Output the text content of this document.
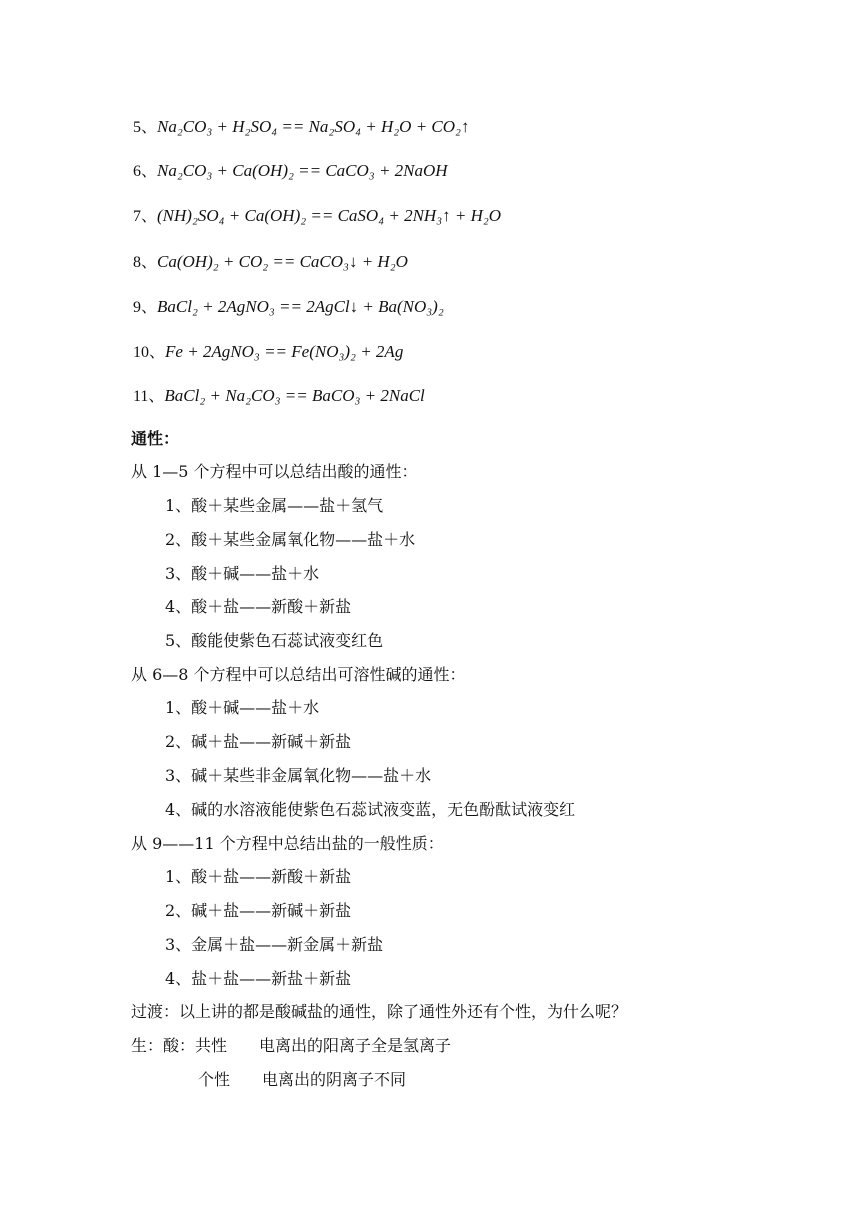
5、Na₂CO₃ + H₂SO₄ == Na₂SO₄ + H₂O + CO₂↑
6、Na₂CO₃ + Ca(OH)₂ == CaCO₃ + 2NaOH
7、(NH)₂SO₄ + Ca(OH)₂ == CaSO₄ + 2NH₃↑ + H₂O
8、Ca(OH)₂ + CO₂ == CaCO₃↓ + H₂O
9、BaCl₂ + 2AgNO₃ == 2AgCl↓ + Ba(NO₃)₂
10、Fe + 2AgNO₃ == Fe(NO₃)₂ + 2Ag
11、BaCl₂ + Na₂CO₃ == BaCO₃ + 2NaCl
通性：
从 1—5 个方程中可以总结出酸的通性：
1、酸＋某些金属——盐＋氢气
2、酸＋某些金属氧化物——盐＋水
3、酸＋碱——盐＋水
4、酸＋盐——新酸＋新盐
5、酸能使紫色石蕊试液变红色
从 6—8 个方程中可以总结出可溶性碱的通性：
1、酸＋碱——盐＋水
2、碱＋盐——新碱＋新盐
3、碱＋某些非金属氧化物——盐＋水
4、碱的水溶液能使紫色石蕊试液变蓝，无色酚酞试液变红
从 9——11 个方程中总结出盐的一般性质：
1、酸＋盐——新酸＋新盐
2、碱＋盐——新碱＋新盐
3、金属＋盐——新金属＋新盐
4、盐＋盐——新盐＋新盐
过渡：以上讲的都是酸碱盐的通性，除了通性外还有个性，为什么呢？
生：酸：共性　　电离出的阳离子全是氢离子
个性　　电离出的阴离子不同
